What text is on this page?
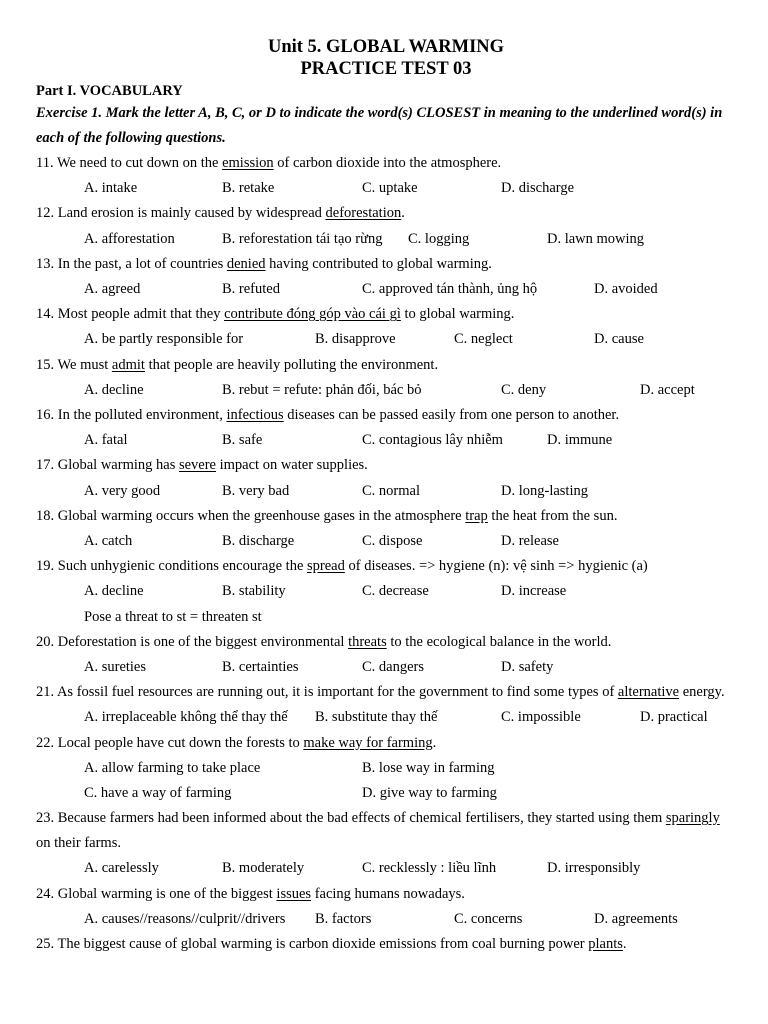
Unit 5. GLOBAL WARMING
PRACTICE TEST 03
Part I. VOCABULARY
Exercise 1. Mark the letter A, B, C, or D to indicate the word(s) CLOSEST in meaning to the underlined word(s) in each of the following questions.
11. We need to cut down on the emission of carbon dioxide into the atmosphere.
A. intake	B. retake	C. uptake	D. discharge
12. Land erosion is mainly caused by widespread deforestation.
A. afforestation	B. reforestation tái tạo rừng C. logging	D. lawn mowing
13. In the past, a lot of countries denied having contributed to global warming.
A. agreed	B. refuted	C. approved tán thành, ủng hộ	D. avoided
14. Most people admit that they contribute đóng góp vào cái gì to global warming.
A. be partly responsible for	B. disapprove	C. neglect	D. cause
15. We must admit that people are heavily polluting the environment.
A. decline	B. rebut = refute: phản đối, bác bỏ	C. deny	D. accept
16. In the polluted environment, infectious diseases can be passed easily from one person to another.
A. fatal	B. safe	C. contagious lây nhiễm	D. immune
17. Global warming has severe impact on water supplies.
A. very good	B. very bad	C. normal	D. long-lasting
18. Global warming occurs when the greenhouse gases in the atmosphere trap the heat from the sun.
A. catch	B. discharge	C. dispose	D. release
19. Such unhygienic conditions encourage the spread of diseases. => hygiene (n): vệ sinh => hygienic (a)
A. decline	B. stability	C. decrease	D. increase
Pose a threat to st = threaten st
20. Deforestation is one of the biggest environmental threats to the ecological balance in the world.
A. sureties	B. certainties	C. dangers	D. safety
21. As fossil fuel resources are running out, it is important for the government to find some types of alternative energy.
A. irreplaceable không thể thay thế B. substitute thay thế	C. impossible	D. practical
22. Local people have cut down the forests to make way for farming.
A. allow farming to take place	B. lose way in farming
C. have a way of farming	D. give way to farming
23. Because farmers had been informed about the bad effects of chemical fertilisers, they started using them sparingly on their farms.
A. carelessly	B. moderately	C. recklessly : liều lĩnh	D. irresponsibly
24. Global warming is one of the biggest issues facing humans nowadays.
A. causes//reasons//culprit//drivers B. factors	C. concerns	D. agreements
25. The biggest cause of global warming is carbon dioxide emissions from coal burning power plants.
